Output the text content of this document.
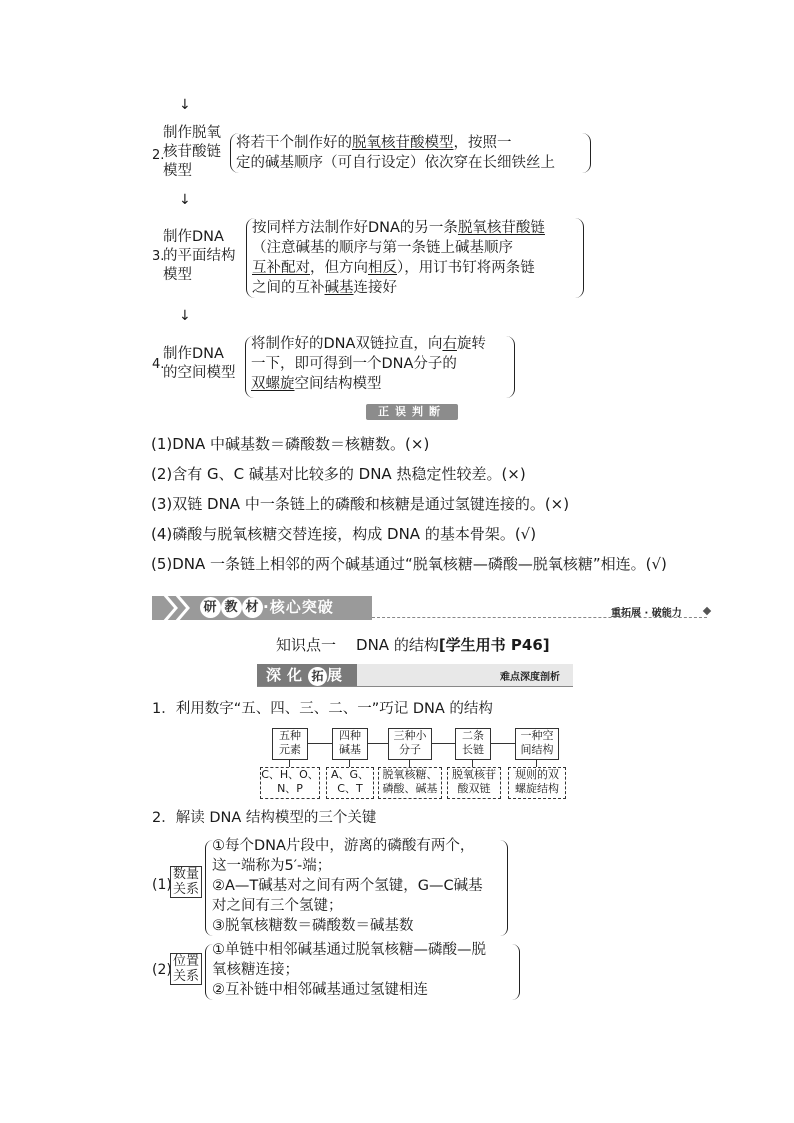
↓
2.
制作脱氧
核苷酸链
模型
将若干个制作好的脱氧核苷酸模型，按照一
定的碱基顺序（可自行设定）依次穿在长细铁丝上
↓
3.
制作DNA
的平面结构
模型
按同样方法制作好DNA的另一条脱氧核苷酸链
（注意碱基的顺序与第一条链上碱基顺序
互补配对，但方向相反），用订书钉将两条链
之间的互补碱基连接好
↓
4.
制作DNA
的空间模型
将制作好的DNA双链拉直，向右旋转
一下，即可得到一个DNA分子的
双螺旋空间结构模型
正误判断
(1)DNA 中碱基数＝磷酸数＝核糖数。(×)
(2)含有 G、C 碱基对比较多的 DNA 热稳定性较差。(×)
(3)双链 DNA 中一条链上的磷酸和核糖是通过氢键连接的。(×)
(4)磷酸与脱氧核糖交替连接，构成 DNA 的基本骨架。(√)
(5)DNA 一条链上相邻的两个碱基通过“脱氧核糖—磷酸—脱氧核糖”相连。(√)
研 教 材 ·核心突破	重拓展 · 破能力
知识点一 DNA 的结构[学生用书 P46]
深化 拓 展	难点深度剖析
1．利用数字“五、四、三、二、一”巧记 DNA 的结构
五种
元素
四种
碱基
三种小
分子
二条
长链
一种空
间结构
C、H、O、
N、P
A、G、
C、T
脱氧核糖、
磷酸、碱基
脱氧核苷
酸双链
规则的双
螺旋结构
2．解读 DNA 结构模型的三个关键
(1)
数量
关系
①每个DNA片段中，游离的磷酸有两个，
这一端称为5′-端；
②A—T碱基对之间有两个氢键，G—C碱基
对之间有三个氢键；
③脱氧核糖数＝磷酸数＝碱基数
(2)
位置
关系
①单链中相邻碱基通过脱氧核糖—磷酸—脱
氧核糖连接；
②互补链中相邻碱基通过氢键相连
